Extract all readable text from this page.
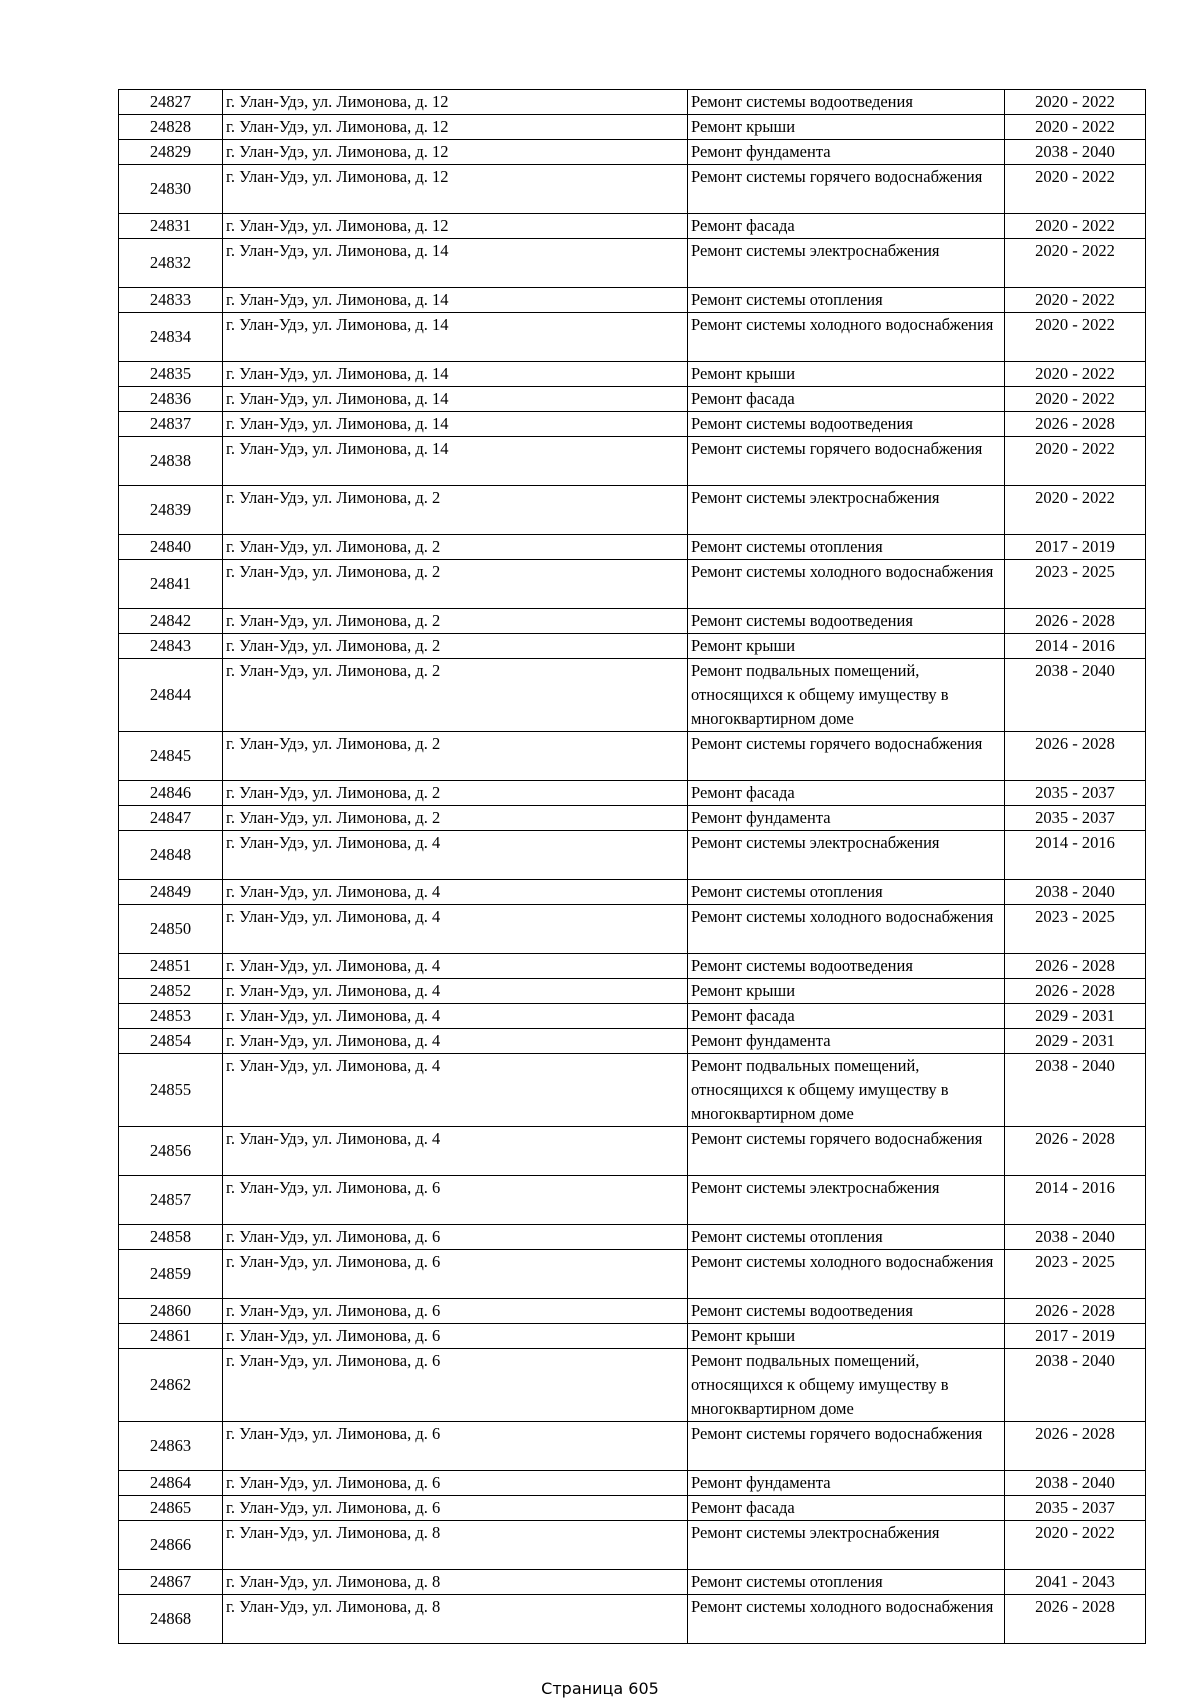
24827	г. Улан-Удэ, ул. Лимонова, д. 12	Ремонт системы водоотведения	2020 - 2022
24828	г. Улан-Удэ, ул. Лимонова, д. 12	Ремонт крыши	2020 - 2022
24829	г. Улан-Удэ, ул. Лимонова, д. 12	Ремонт фундамента	2038 - 2040
24830	г. Улан-Удэ, ул. Лимонова, д. 12	Ремонт системы горячего водоснабжения	2020 - 2022
24831	г. Улан-Удэ, ул. Лимонова, д. 12	Ремонт фасада	2020 - 2022
24832	г. Улан-Удэ, ул. Лимонова, д. 14	Ремонт системы электроснабжения	2020 - 2022
24833	г. Улан-Удэ, ул. Лимонова, д. 14	Ремонт системы отопления	2020 - 2022
24834	г. Улан-Удэ, ул. Лимонова, д. 14	Ремонт системы холодного водоснабжения	2020 - 2022
24835	г. Улан-Удэ, ул. Лимонова, д. 14	Ремонт крыши	2020 - 2022
24836	г. Улан-Удэ, ул. Лимонова, д. 14	Ремонт фасада	2020 - 2022
24837	г. Улан-Удэ, ул. Лимонова, д. 14	Ремонт системы водоотведения	2026 - 2028
24838	г. Улан-Удэ, ул. Лимонова, д. 14	Ремонт системы горячего водоснабжения	2020 - 2022
24839	г. Улан-Удэ, ул. Лимонова, д. 2	Ремонт системы электроснабжения	2020 - 2022
24840	г. Улан-Удэ, ул. Лимонова, д. 2	Ремонт системы отопления	2017 - 2019
24841	г. Улан-Удэ, ул. Лимонова, д. 2	Ремонт системы холодного водоснабжения	2023 - 2025
24842	г. Улан-Удэ, ул. Лимонова, д. 2	Ремонт системы водоотведения	2026 - 2028
24843	г. Улан-Удэ, ул. Лимонова, д. 2	Ремонт крыши	2014 - 2016
24844	г. Улан-Удэ, ул. Лимонова, д. 2	Ремонт подвальных помещений, относящихся к общему имуществу в многоквартирном доме	2038 - 2040
24845	г. Улан-Удэ, ул. Лимонова, д. 2	Ремонт системы горячего водоснабжения	2026 - 2028
24846	г. Улан-Удэ, ул. Лимонова, д. 2	Ремонт фасада	2035 - 2037
24847	г. Улан-Удэ, ул. Лимонова, д. 2	Ремонт фундамента	2035 - 2037
24848	г. Улан-Удэ, ул. Лимонова, д. 4	Ремонт системы электроснабжения	2014 - 2016
24849	г. Улан-Удэ, ул. Лимонова, д. 4	Ремонт системы отопления	2038 - 2040
24850	г. Улан-Удэ, ул. Лимонова, д. 4	Ремонт системы холодного водоснабжения	2023 - 2025
24851	г. Улан-Удэ, ул. Лимонова, д. 4	Ремонт системы водоотведения	2026 - 2028
24852	г. Улан-Удэ, ул. Лимонова, д. 4	Ремонт крыши	2026 - 2028
24853	г. Улан-Удэ, ул. Лимонова, д. 4	Ремонт фасада	2029 - 2031
24854	г. Улан-Удэ, ул. Лимонова, д. 4	Ремонт фундамента	2029 - 2031
24855	г. Улан-Удэ, ул. Лимонова, д. 4	Ремонт подвальных помещений, относящихся к общему имуществу в многоквартирном доме	2038 - 2040
24856	г. Улан-Удэ, ул. Лимонова, д. 4	Ремонт системы горячего водоснабжения	2026 - 2028
24857	г. Улан-Удэ, ул. Лимонова, д. 6	Ремонт системы электроснабжения	2014 - 2016
24858	г. Улан-Удэ, ул. Лимонова, д. 6	Ремонт системы отопления	2038 - 2040
24859	г. Улан-Удэ, ул. Лимонова, д. 6	Ремонт системы холодного водоснабжения	2023 - 2025
24860	г. Улан-Удэ, ул. Лимонова, д. 6	Ремонт системы водоотведения	2026 - 2028
24861	г. Улан-Удэ, ул. Лимонова, д. 6	Ремонт крыши	2017 - 2019
24862	г. Улан-Удэ, ул. Лимонова, д. 6	Ремонт подвальных помещений, относящихся к общему имуществу в многоквартирном доме	2038 - 2040
24863	г. Улан-Удэ, ул. Лимонова, д. 6	Ремонт системы горячего водоснабжения	2026 - 2028
24864	г. Улан-Удэ, ул. Лимонова, д. 6	Ремонт фундамента	2038 - 2040
24865	г. Улан-Удэ, ул. Лимонова, д. 6	Ремонт фасада	2035 - 2037
24866	г. Улан-Удэ, ул. Лимонова, д. 8	Ремонт системы электроснабжения	2020 - 2022
24867	г. Улан-Удэ, ул. Лимонова, д. 8	Ремонт системы отопления	2041 - 2043
24868	г. Улан-Удэ, ул. Лимонова, д. 8	Ремонт системы холодного водоснабжения	2026 - 2028
Страница 605
